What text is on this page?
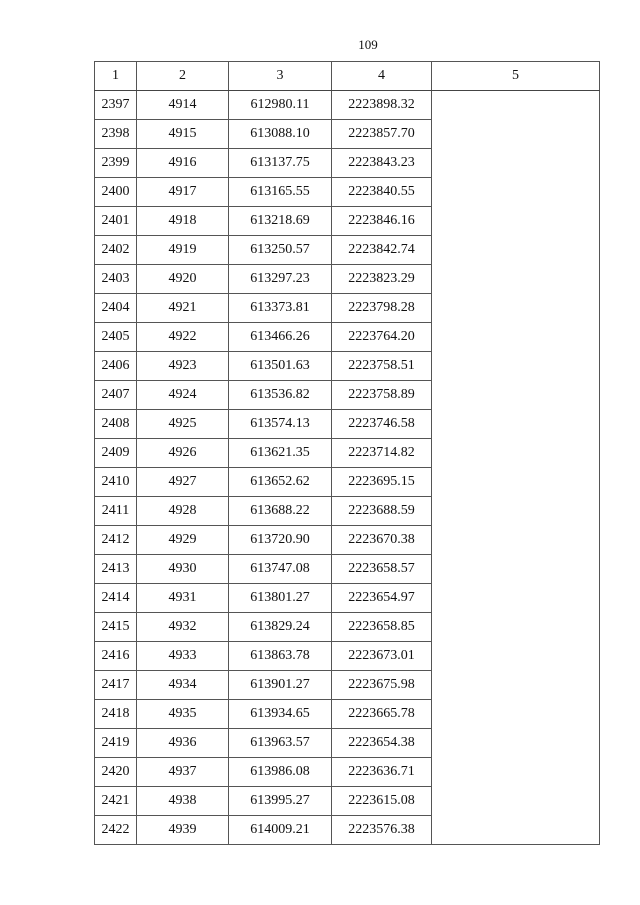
109
1	2	3	4	5
2397	4914	612980.11	2223898.32	
2398	4915	613088.10	2223857.70	
2399	4916	613137.75	2223843.23	
2400	4917	613165.55	2223840.55	
2401	4918	613218.69	2223846.16	
2402	4919	613250.57	2223842.74	
2403	4920	613297.23	2223823.29	
2404	4921	613373.81	2223798.28	
2405	4922	613466.26	2223764.20	
2406	4923	613501.63	2223758.51	
2407	4924	613536.82	2223758.89	
2408	4925	613574.13	2223746.58	
2409	4926	613621.35	2223714.82	
2410	4927	613652.62	2223695.15	
2411	4928	613688.22	2223688.59	
2412	4929	613720.90	2223670.38	
2413	4930	613747.08	2223658.57	
2414	4931	613801.27	2223654.97	
2415	4932	613829.24	2223658.85	
2416	4933	613863.78	2223673.01	
2417	4934	613901.27	2223675.98	
2418	4935	613934.65	2223665.78	
2419	4936	613963.57	2223654.38	
2420	4937	613986.08	2223636.71	
2421	4938	613995.27	2223615.08	
2422	4939	614009.21	2223576.38	
